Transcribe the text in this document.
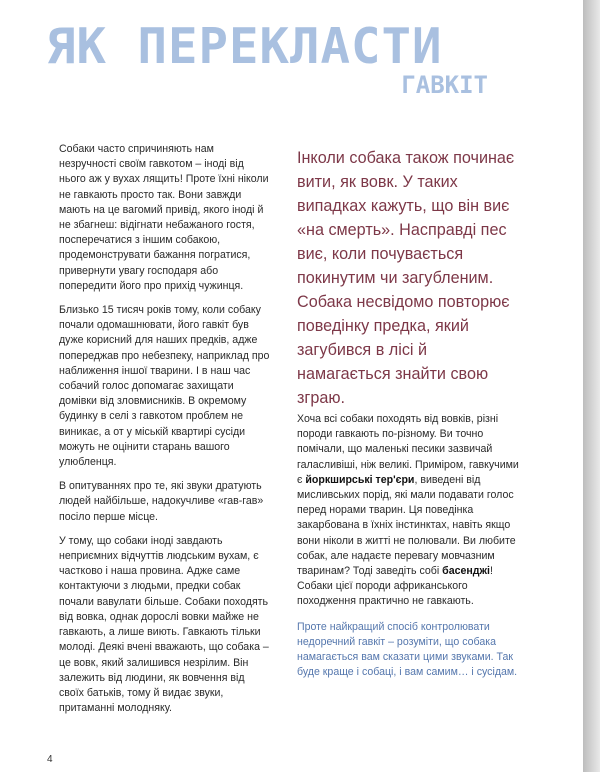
ЯК ПЕРЕКЛАСТИ
ГАВКІТ

Собаки часто спричиняють нам незручності своїм гавкотом – іноді від нього аж у вухах лящить! Проте їхні ніколи не гавкають просто так. Вони завжди мають на це вагомий привід, якого іноді й не збагнеш: відігнати небажаного гостя, посперечатися з іншим собакою, продемонструвати бажання погратися, привернути увагу господаря або попередити його про прихід чужинця.

Близько 15 тисяч років тому, коли собаку почали одомашнювати, його гавкіт був дуже корисний для наших предків, адже попереджав про небезпеку, наприклад про наближення іншої тварини. І в наш час собачий голос допомагає захищати домівки від зловмисників. В окремому будинку в селі з гавкотом проблем не виникає, а от у міській квартирі сусіди можуть не оцінити старань вашого улюбленця.

В опитуваннях про те, які звуки дратують людей найбільше, надокучливе «гав-гав» посіло перше місце.

У тому, що собаки іноді завдають неприємних відчуттів людським вухам, є частково і наша провина. Адже саме контактуючи з людьми, предки собак почали вавулати більше. Собаки походять від вовка, однак дорослі вовки майже не гавкають, а лише виють. Гавкають тільки молоді. Деякі вчені вважають, що собака – це вовк, який залишився незрілим. Він залежить від людини, як вовчення від своїх батьків, тому й видає звуки, притаманні молодняку.

Інколи собака також починає вити, як вовк. У таких випадках кажуть, що він виє «на смерть». Насправді пес виє, коли почувається покинутим чи загубленим. Собака несвідомо повторює поведінку предка, який загубився в лісі й намагається знайти свою зграю.

Хоча всі собаки походять від вовків, різні породи гавкають по-різному. Ви точно помічали, що маленькі песики зазвичай галасливіші, ніж великі. Приміром, гавкучими є йоркширські тер'єри, виведені від мисливських порід, які мали подавати голос перед норами тварин. Ця поведінка закарбована в їхніх інстинктах, навіть якщо вони ніколи в житті не полювали. Ви любите собак, але надаєте перевагу мовчазним тваринам? Тоді заведіть собі басенджі! Собаки цієї породи африканського походження практично не гавкають.

Проте найкращий спосіб контролювати недоречний гавкіт – розуміти, що собака намагається вам сказати цими звуками. Так буде краще і собаці, і вам самим… і сусідам.

4
